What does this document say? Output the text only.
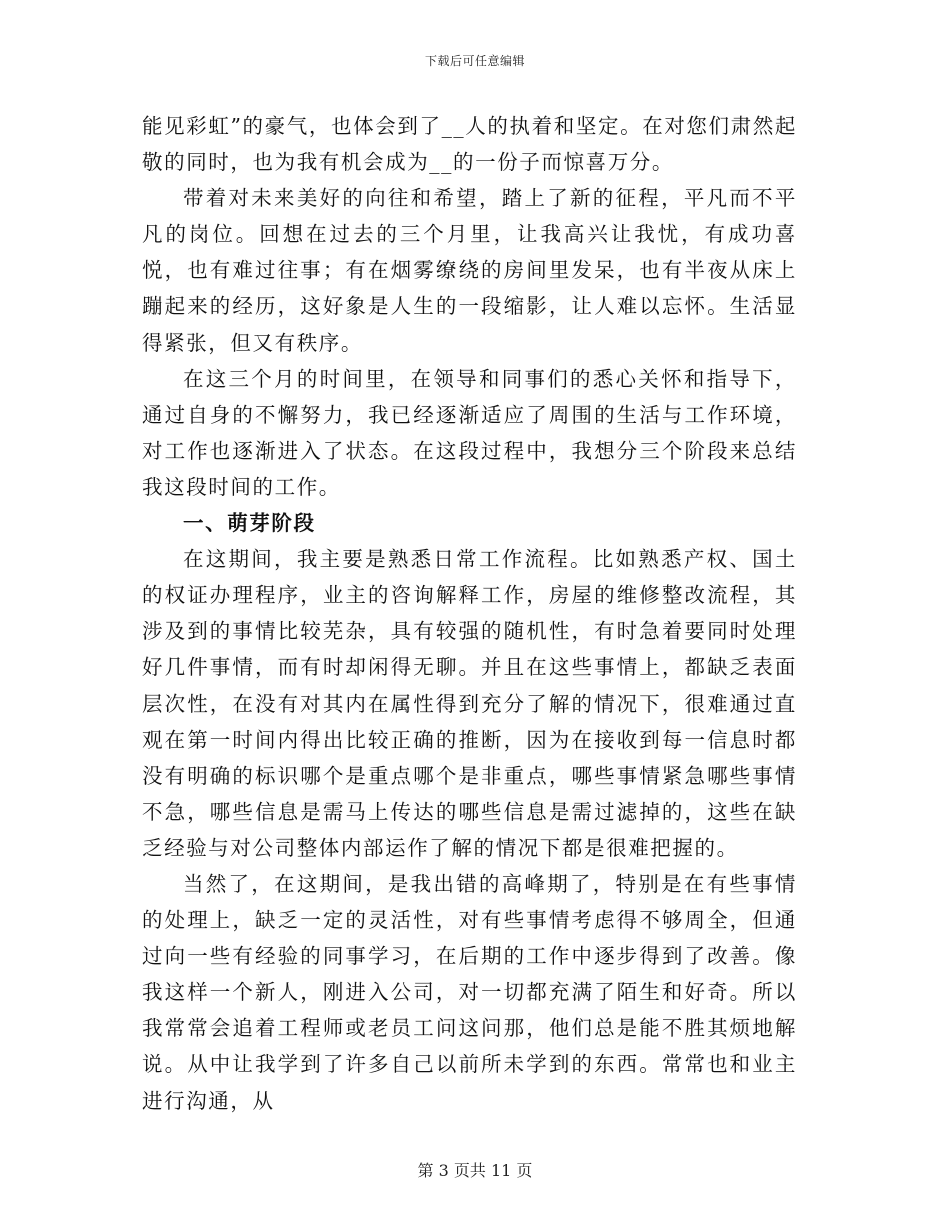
下载后可任意编辑

能见彩虹”的豪气，也体会到了__人的执着和坚定。在对您们肃然起敬的同时，也为我有机会成为__的一份子而惊喜万分。

带着对未来美好的向往和希望，踏上了新的征程，平凡而不平凡的岗位。回想在过去的三个月里，让我高兴让我忧，有成功喜悦，也有难过往事；有在烟雾缭绕的房间里发呆，也有半夜从床上蹦起来的经历，这好象是人生的一段缩影，让人难以忘怀。生活显得紧张，但又有秩序。

在这三个月的时间里，在领导和同事们的悉心关怀和指导下，通过自身的不懈努力，我已经逐渐适应了周围的生活与工作环境，对工作也逐渐进入了状态。在这段过程中，我想分三个阶段来总结我这段时间的工作。

一、萌芽阶段

在这期间，我主要是熟悉日常工作流程。比如熟悉产权、国土的权证办理程序，业主的咨询解释工作，房屋的维修整改流程，其涉及到的事情比较芜杂，具有较强的随机性，有时急着要同时处理好几件事情，而有时却闲得无聊。并且在这些事情上，都缺乏表面层次性，在没有对其内在属性得到充分了解的情况下，很难通过直观在第一时间内得出比较正确的推断，因为在接收到每一信息时都没有明确的标识哪个是重点哪个是非重点，哪些事情紧急哪些事情不急，哪些信息是需马上传达的哪些信息是需过滤掉的，这些在缺乏经验与对公司整体内部运作了解的情况下都是很难把握的。

当然了，在这期间，是我出错的高峰期了，特别是在有些事情的处理上，缺乏一定的灵活性，对有些事情考虑得不够周全，但通过向一些有经验的同事学习，在后期的工作中逐步得到了改善。像我这样一个新人，刚进入公司，对一切都充满了陌生和好奇。所以我常常会追着工程师或老员工问这问那，他们总是能不胜其烦地解说。从中让我学到了许多自己以前所未学到的东西。常常也和业主进行沟通，从

第 3 页共 11 页
